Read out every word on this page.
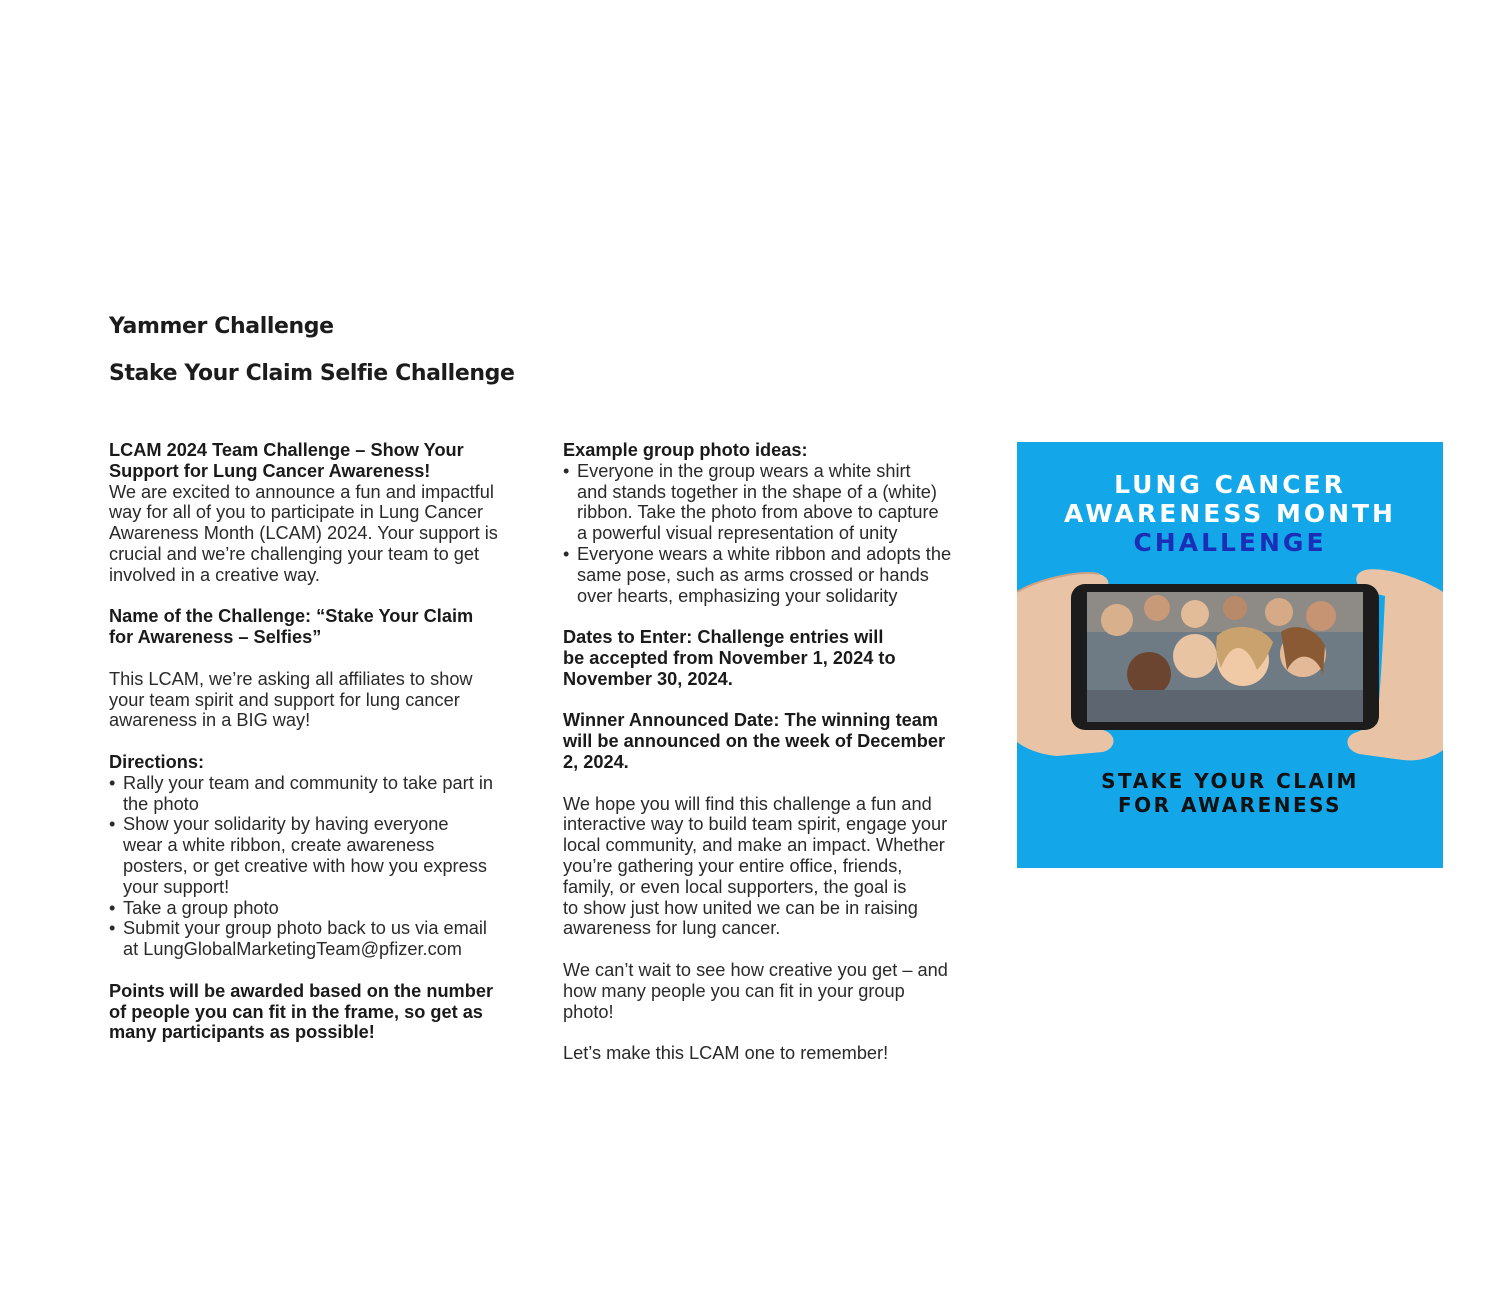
Yammer Challenge
Stake Your Claim Selfie Challenge

LCAM 2024 Team Challenge – Show Your

Support for Lung Cancer Awareness!

We are excited to announce a fun and impactful

way for all of you to participate in Lung Cancer

Awareness Month (LCAM) 2024. Your support is

crucial and we’re challenging your team to get

involved in a creative way.

Name of the Challenge: “Stake Your Claim

for Awareness – Selfies”

This LCAM, we’re asking all affiliates to show

your team spirit and support for lung cancer

awareness in a BIG way!

Directions:

• Rally your team and community to take part in

the photo

• Show your solidarity by having everyone

wear a white ribbon, create awareness

posters, or get creative with how you express

your support!

• Take a group photo

• Submit your group photo back to us via email

at LungGlobalMarketingTeam@pfizer.com

Points will be awarded based on the number

of people you can fit in the frame, so get as

many participants as possible!

Example group photo ideas:

• Everyone in the group wears a white shirt

and stands together in the shape of a (white)

ribbon. Take the photo from above to capture

a powerful visual representation of unity

• Everyone wears a white ribbon and adopts the

same pose, such as arms crossed or hands

over hearts, emphasizing your solidarity

Dates to Enter: Challenge entries will

be accepted from November 1, 2024 to

November 30, 2024.

Winner Announced Date: The winning team

will be announced on the week of December

2, 2024.

We hope you will find this challenge a fun and

interactive way to build team spirit, engage your

local community, and make an impact. Whether

you’re gathering your entire office, friends,

family, or even local supporters, the goal is

to show just how united we can be in raising

awareness for lung cancer.

We can’t wait to see how creative you get – and

how many people you can fit in your group

photo!

Let’s make this LCAM one to remember!

LUNG CANCER
AWARENESS MONTH
CHALLENGE
STAKE YOUR CLAIM
FOR AWARENESS
